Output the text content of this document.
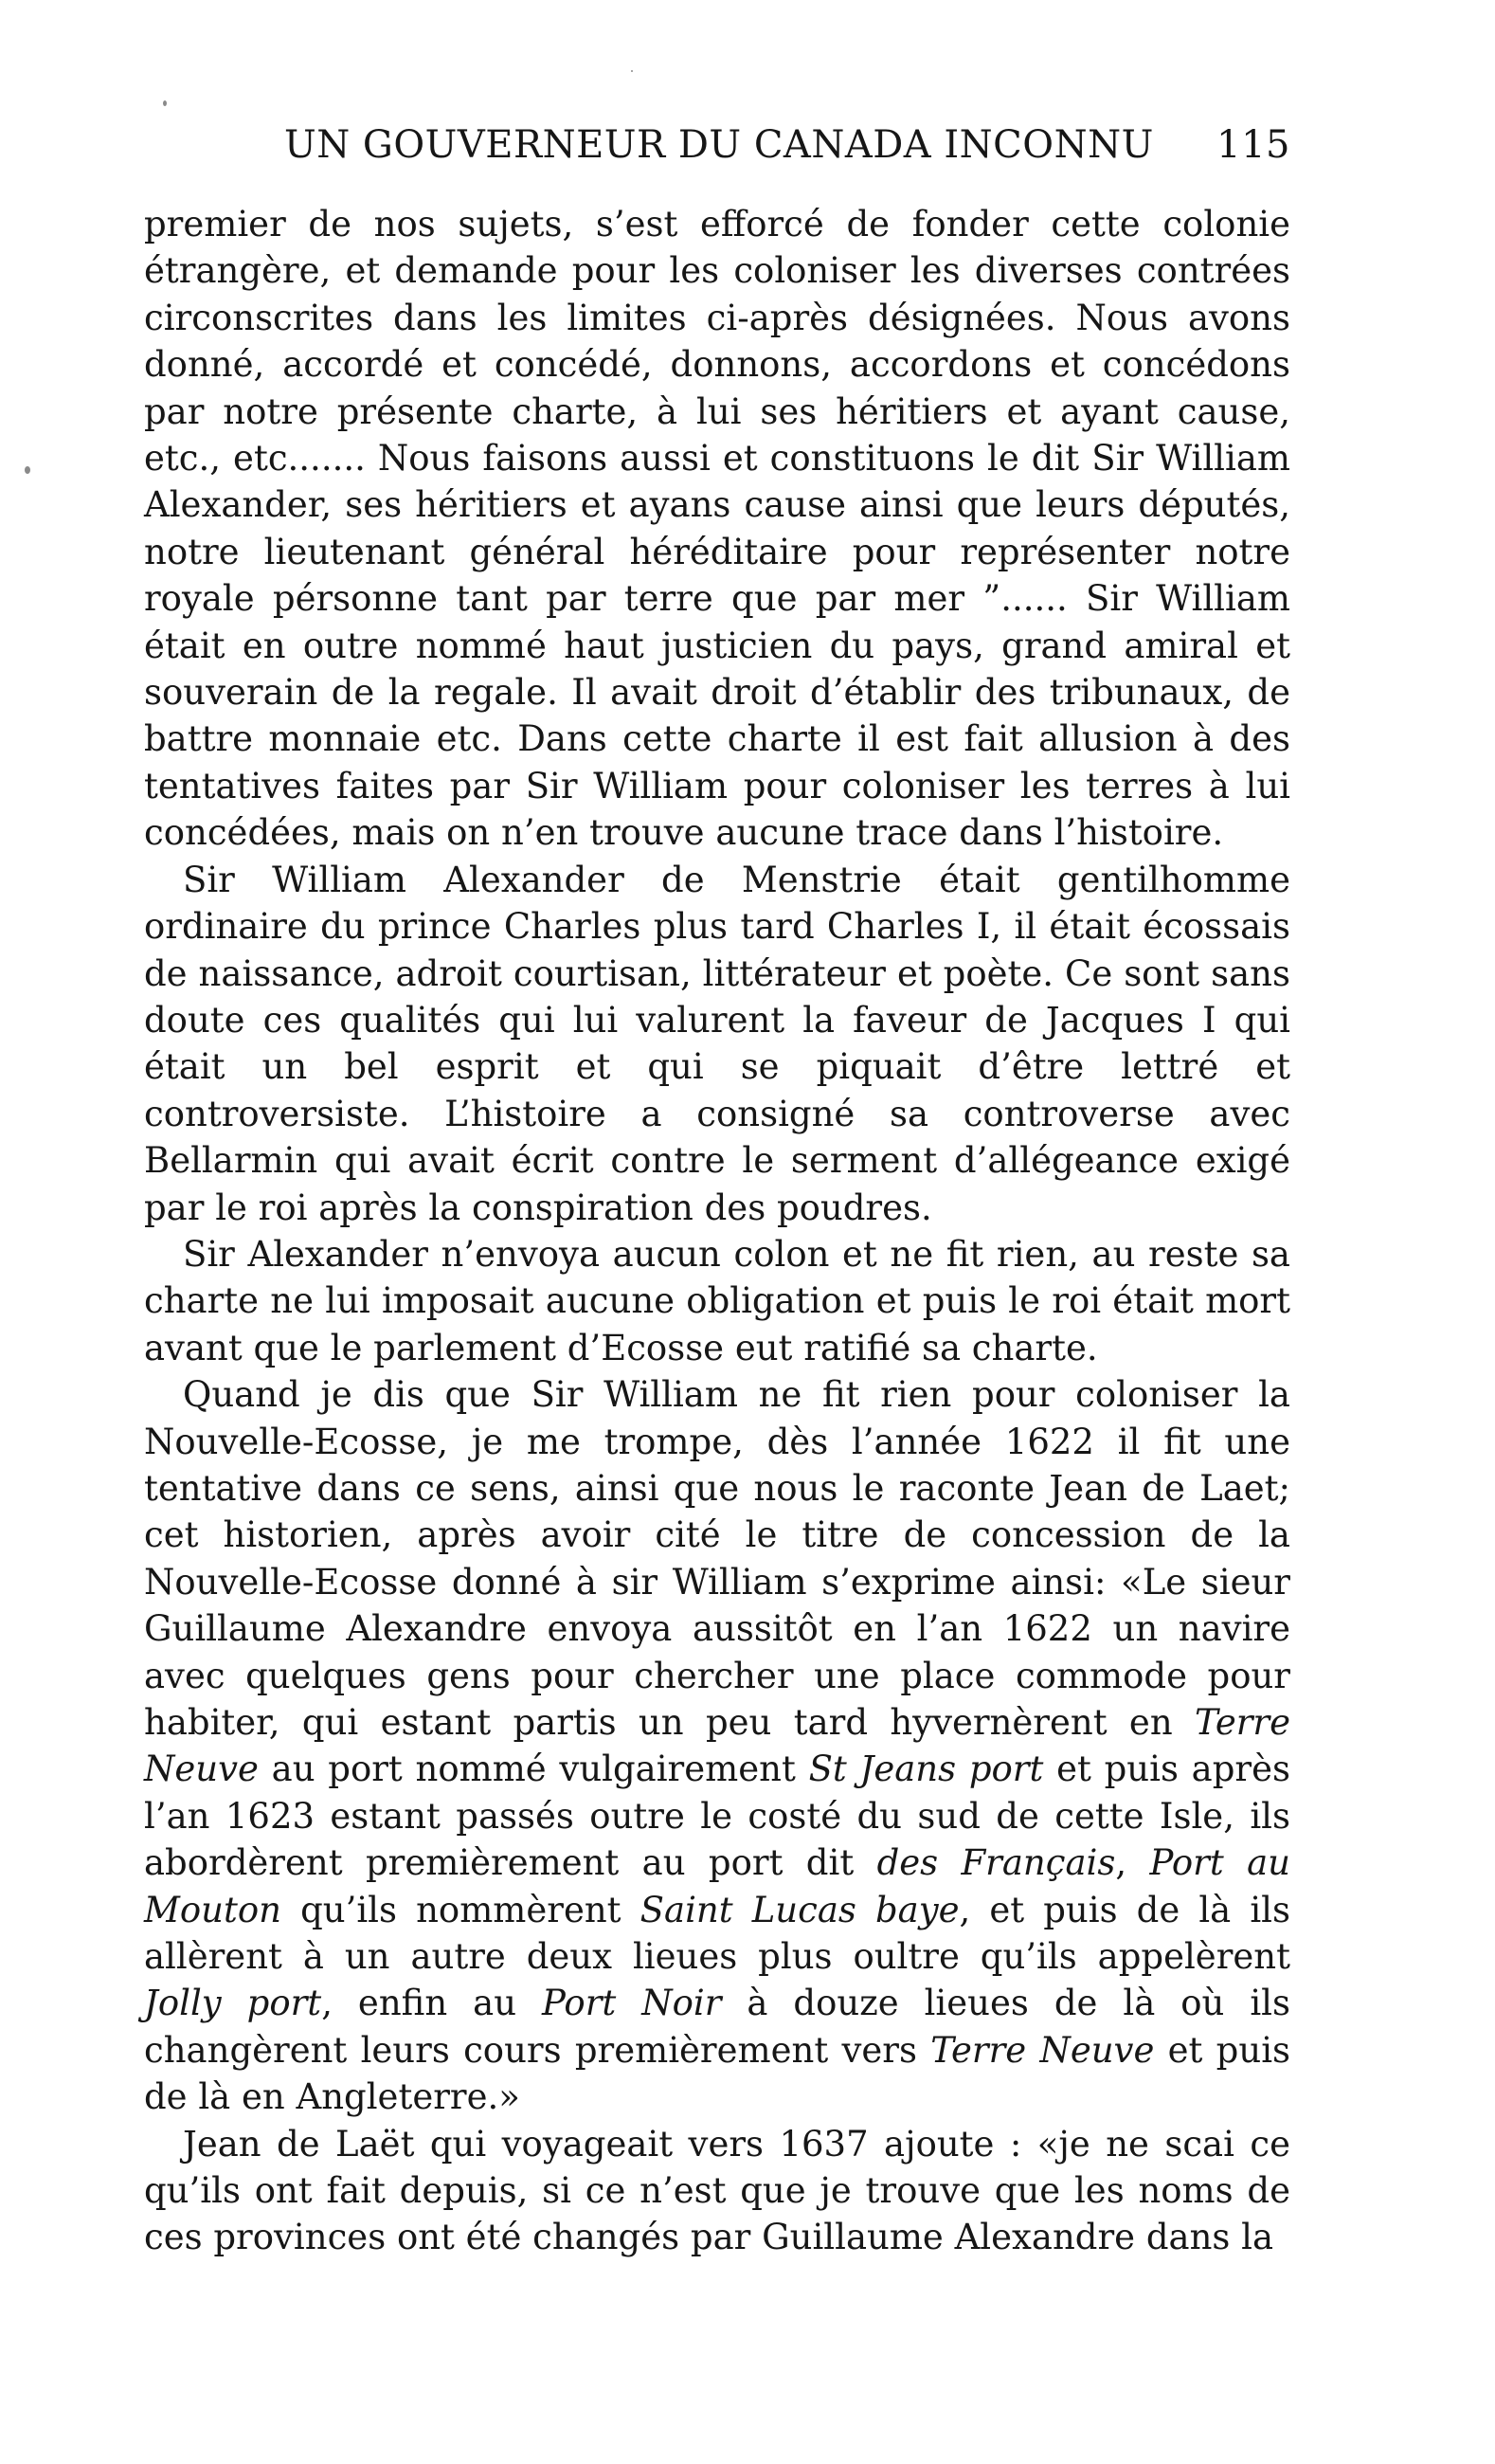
UN GOUVERNEUR DU CANADA INCONNU 115

premier de nos sujets, s’est efforcé de fonder cette colonie étrangère, et demande pour les coloniser les diverses contrées circonscrites dans les limites ci-après désignées. Nous avons donné, accordé et concédé, donnons, accordons et concédons par notre présente charte, à lui ses héritiers et ayant cause, etc., etc....... Nous faisons aussi et constituons le dit Sir William Alexander, ses héritiers et ayans cause ainsi que leurs députés, notre lieutenant général héréditaire pour représenter notre royale pérsonne tant par terre que par mer ”...... Sir William était en outre nommé haut justicien du pays, grand amiral et souverain de la regale. Il avait droit d’établir des tribunaux, de battre monnaie etc. Dans cette charte il est fait allusion à des tentatives faites par Sir William pour coloniser les terres à lui concédées, mais on n’en trouve aucune trace dans l’histoire.

Sir William Alexander de Menstrie était gentilhomme ordinaire du prince Charles plus tard Charles I, il était écossais de naissance, adroit courtisan, littérateur et poète. Ce sont sans doute ces qualités qui lui valurent la faveur de Jacques I qui était un bel esprit et qui se piquait d’être lettré et controversiste. L’histoire a consigné sa controverse avec Bellarmin qui avait écrit contre le serment d’allégeance exigé par le roi après la conspiration des poudres.

Sir Alexander n’envoya aucun colon et ne fit rien, au reste sa charte ne lui imposait aucune obligation et puis le roi était mort avant que le parlement d’Ecosse eut ratifié sa charte.

Quand je dis que Sir William ne fit rien pour coloniser la Nouvelle-Ecosse, je me trompe, dès l’année 1622 il fit une tentative dans ce sens, ainsi que nous le raconte Jean de Laet; cet historien, après avoir cité le titre de concession de la Nouvelle-Ecosse donné à sir William s’exprime ainsi: «Le sieur Guillaume Alexandre envoya aussitôt en l’an 1622 un navire avec quelques gens pour chercher une place commode pour habiter, qui estant partis un peu tard hyvernèrent en Terre Neuve au port nommé vulgairement St Jeans port et puis après l’an 1623 estant passés outre le costé du sud de cette Isle, ils abordèrent premièrement au port dit des Français, Port au Mouton qu’ils nommèrent Saint Lucas baye, et puis de là ils allèrent à un autre deux lieues plus oultre qu’ils appelèrent Jolly port, enfin au Port Noir à douze lieues de là où ils changèrent leurs cours premièrement vers Terre Neuve et puis de là en Angleterre.»

Jean de Laët qui voyageait vers 1637 ajoute : «je ne scai ce qu’ils ont fait depuis, si ce n’est que je trouve que les noms de ces provinces ont été changés par Guillaume Alexandre dans la
